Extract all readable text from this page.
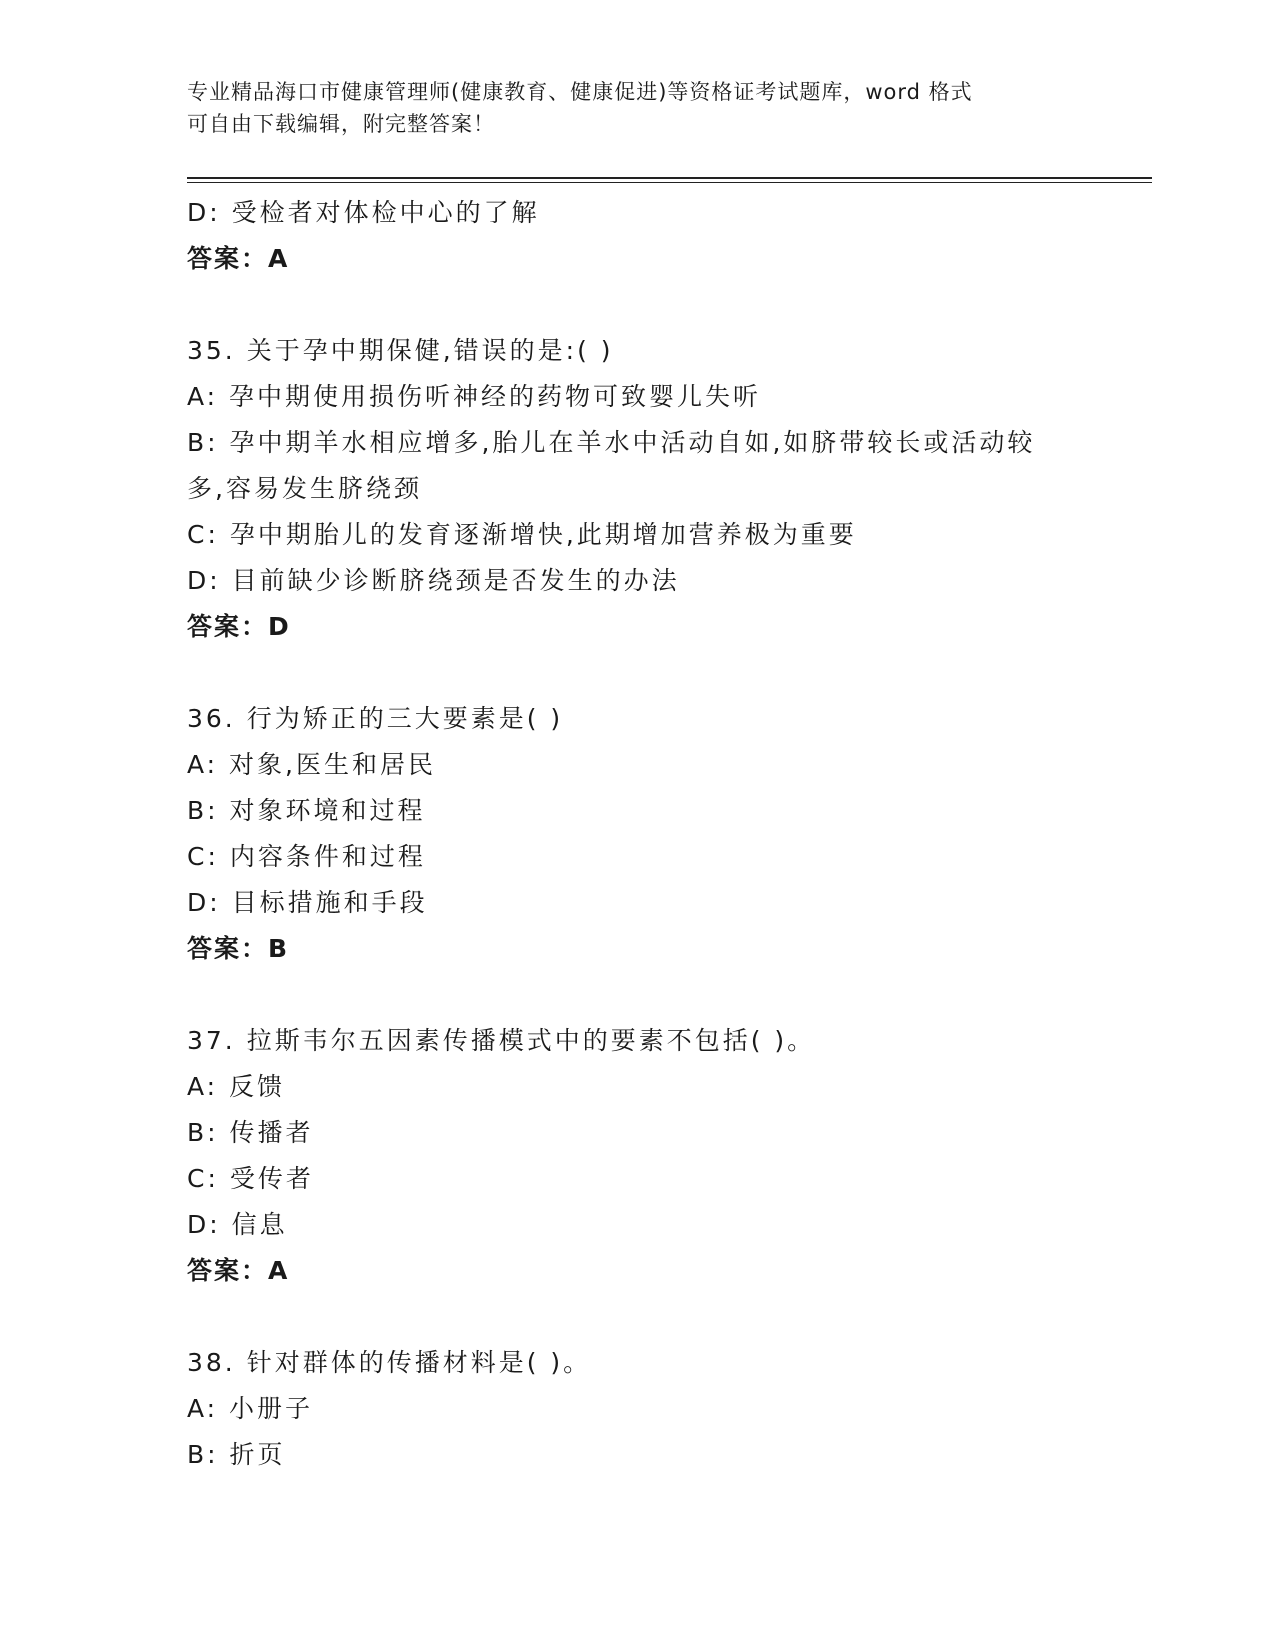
专业精品海口市健康管理师(健康教育、健康促进)等资格证考试题库，word 格式
可自由下载编辑，附完整答案！
D: 受检者对体检中心的了解
答案：A
35. 关于孕中期保健,错误的是:( )
A: 孕中期使用损伤听神经的药物可致婴儿失听
B: 孕中期羊水相应增多,胎儿在羊水中活动自如,如脐带较长或活动较
多,容易发生脐绕颈
C: 孕中期胎儿的发育逐渐增快,此期增加营养极为重要
D: 目前缺少诊断脐绕颈是否发生的办法
答案：D
36. 行为矫正的三大要素是( )
A: 对象,医生和居民
B: 对象环境和过程
C: 内容条件和过程
D: 目标措施和手段
答案：B
37. 拉斯韦尔五因素传播模式中的要素不包括( )。
A: 反馈
B: 传播者
C: 受传者
D: 信息
答案：A
38. 针对群体的传播材料是( )。
A: 小册子
B: 折页
